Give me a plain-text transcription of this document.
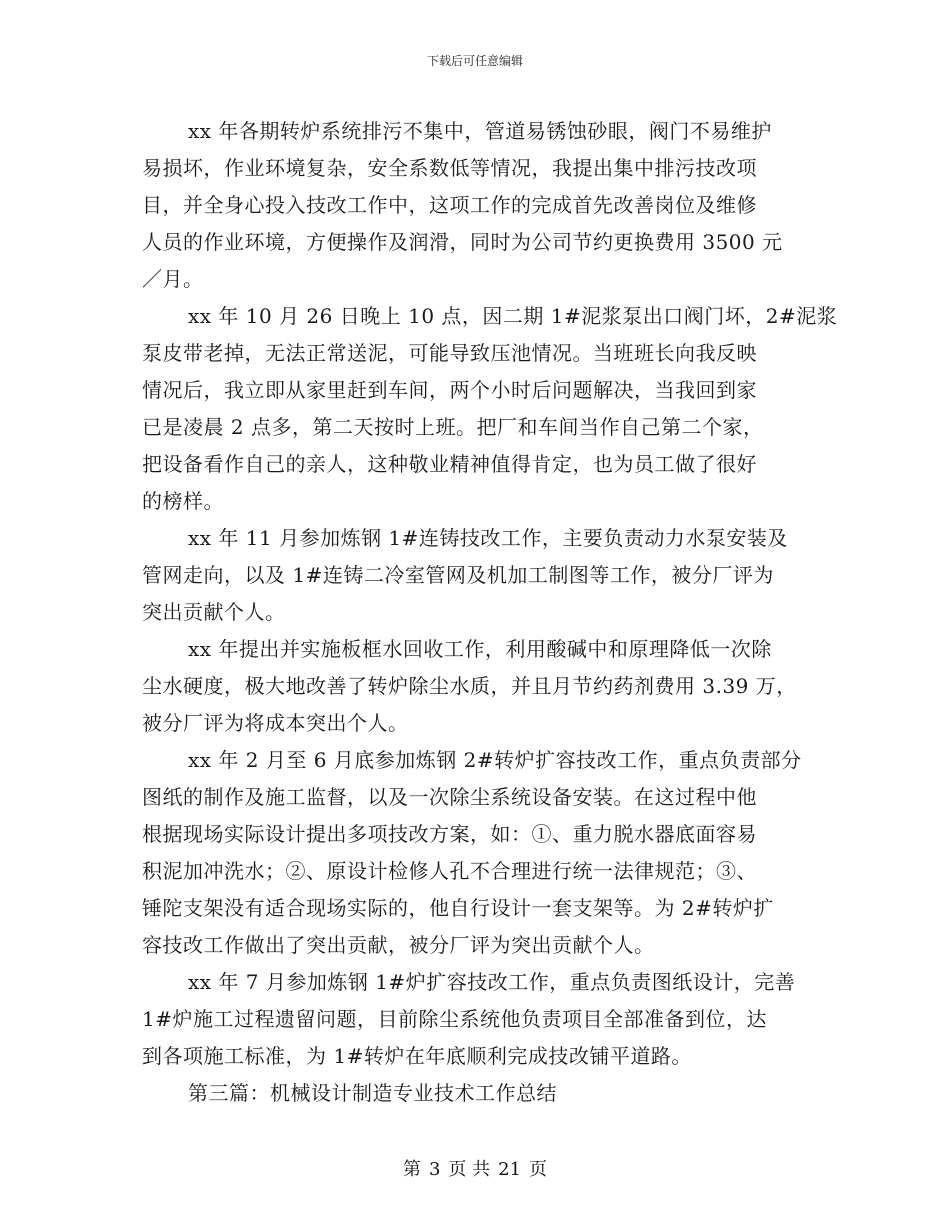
下载后可任意编辑
xx 年各期转炉系统排污不集中，管道易锈蚀砂眼，阀门不易维护
易损坏，作业环境复杂，安全系数低等情况，我提出集中排污技改项
目，并全身心投入技改工作中，这项工作的完成首先改善岗位及维修
人员的作业环境，方便操作及润滑，同时为公司节约更换费用 3500 元
／月。
xx 年 10 月 26 日晚上 10 点，因二期 1#泥浆泵出口阀门坏，2#泥浆
泵皮带老掉，无法正常送泥，可能导致压池情况。当班班长向我反映
情况后，我立即从家里赶到车间，两个小时后问题解决，当我回到家
已是凌晨 2 点多，第二天按时上班。把厂和车间当作自己第二个家，
把设备看作自己的亲人，这种敬业精神值得肯定，也为员工做了很好
的榜样。
xx 年 11 月参加炼钢 1#连铸技改工作，主要负责动力水泵安装及
管网走向，以及 1#连铸二冷室管网及机加工制图等工作，被分厂评为
突出贡献个人。
xx 年提出并实施板框水回收工作，利用酸碱中和原理降低一次除
尘水硬度，极大地改善了转炉除尘水质，并且月节约药剂费用 3.39 万，
被分厂评为将成本突出个人。
xx 年 2 月至 6 月底参加炼钢 2#转炉扩容技改工作，重点负责部分
图纸的制作及施工监督，以及一次除尘系统设备安装。在这过程中他
根据现场实际设计提出多项技改方案，如：①、重力脱水器底面容易
积泥加冲洗水；②、原设计检修人孔不合理进行统一法律规范；③、
锤陀支架没有适合现场实际的，他自行设计一套支架等。为 2#转炉扩
容技改工作做出了突出贡献，被分厂评为突出贡献个人。
xx 年 7 月参加炼钢 1#炉扩容技改工作，重点负责图纸设计，完善
1#炉施工过程遗留问题，目前除尘系统他负责项目全部准备到位，达
到各项施工标准，为 1#转炉在年底顺利完成技改铺平道路。
第三篇：机械设计制造专业技术工作总结
第 3 页 共 21 页
